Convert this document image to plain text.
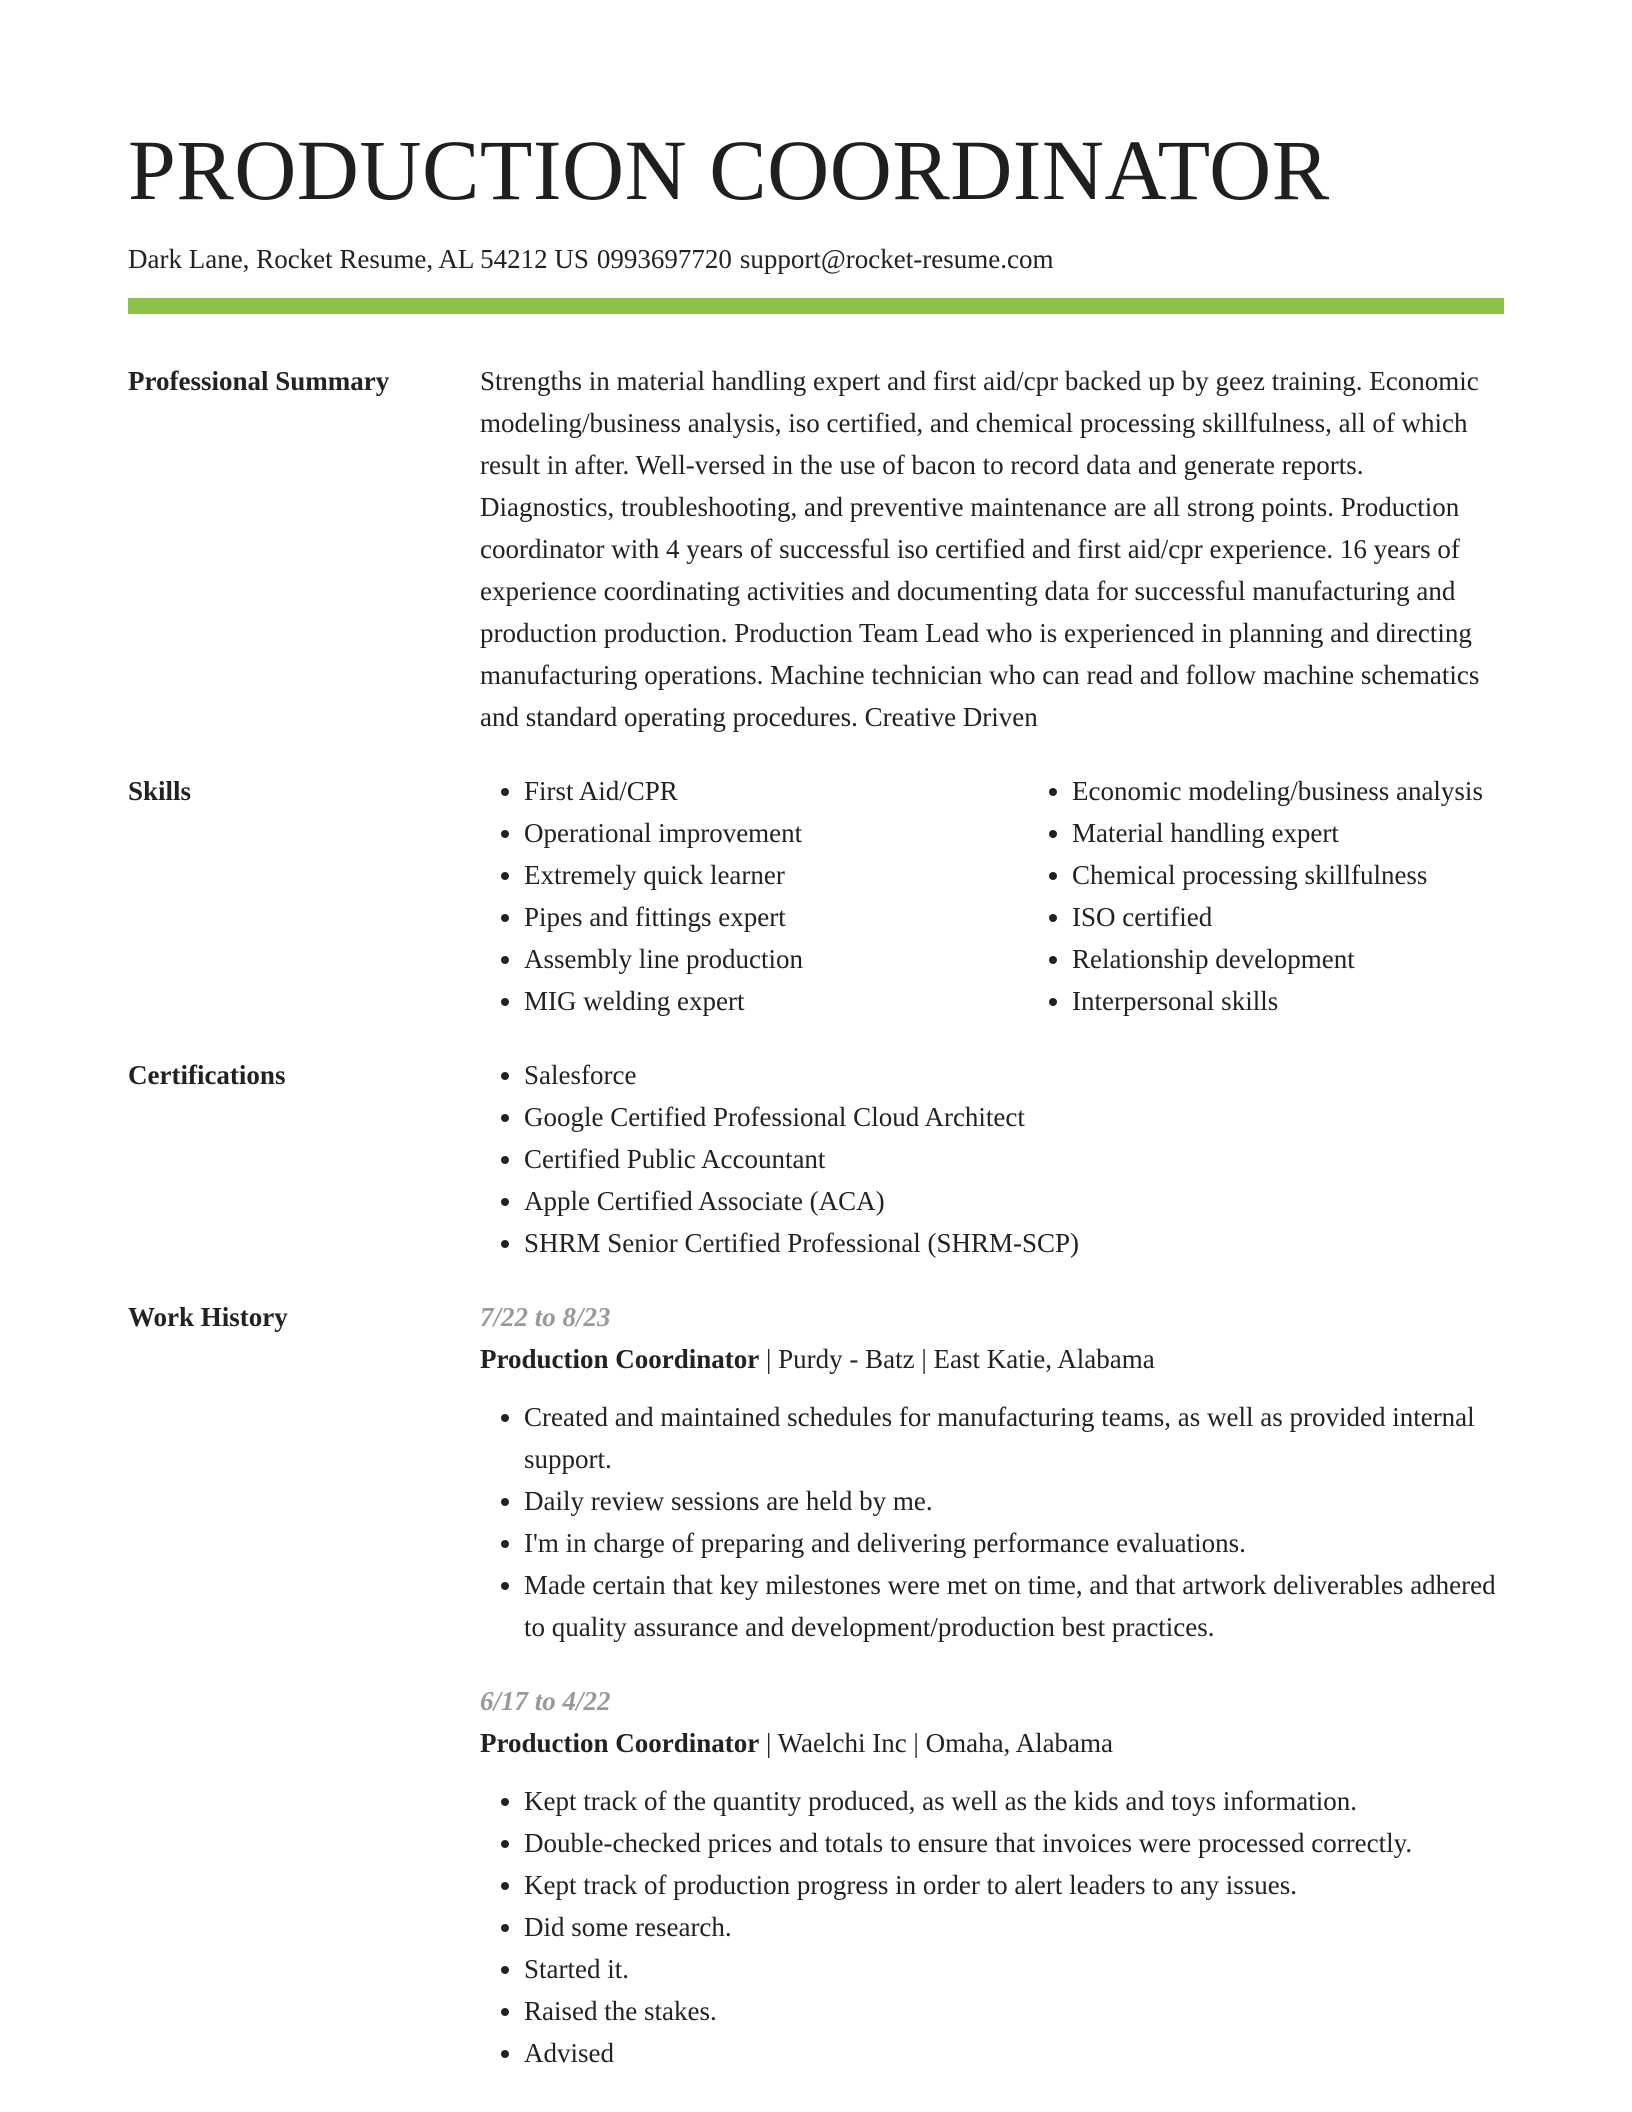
PRODUCTION COORDINATOR
Dark Lane, Rocket Resume, AL 54212 US 0993697720 support@rocket-resume.com
Professional Summary	Strengths in material handling expert and first aid/cpr backed up by geez training. Economic modeling/business analysis, iso certified, and chemical processing skillfulness, all of which result in after. Well-versed in the use of bacon to record data and generate reports. Diagnostics, troubleshooting, and preventive maintenance are all strong points. Production coordinator with 4 years of successful iso certified and first aid/cpr experience. 16 years of experience coordinating activities and documenting data for successful manufacturing and production production. Production Team Lead who is experienced in planning and directing manufacturing operations. Machine technician who can read and follow machine schematics and standard operating procedures. Creative Driven

Skills	• First Aid/CPR
• Operational improvement
• Extremely quick learner
• Pipes and fittings expert
• Assembly line production
• MIG welding expert
• Economic modeling/business analysis
• Material handling expert
• Chemical processing skillfulness
• ISO certified
• Relationship development
• Interpersonal skills
Certifications	• Salesforce
• Google Certified Professional Cloud Architect
• Certified Public Accountant
• Apple Certified Associate (ACA)
• SHRM Senior Certified Professional (SHRM-SCP)
Work History	7/22 to 8/23
Production Coordinator | Purdy - Batz | East Katie, Alabama
• Created and maintained schedules for manufacturing teams, as well as provided internal support.
• Daily review sessions are held by me.
• I'm in charge of preparing and delivering performance evaluations.
• Made certain that key milestones were met on time, and that artwork deliverables adhered to quality assurance and development/production best practices.
6/17 to 4/22
Production Coordinator | Waelchi Inc | Omaha, Alabama
• Kept track of the quantity produced, as well as the kids and toys information.
• Double-checked prices and totals to ensure that invoices were processed correctly.
• Kept track of production progress in order to alert leaders to any issues.
• Did some research.
• Started it.
• Raised the stakes.
• Advised
